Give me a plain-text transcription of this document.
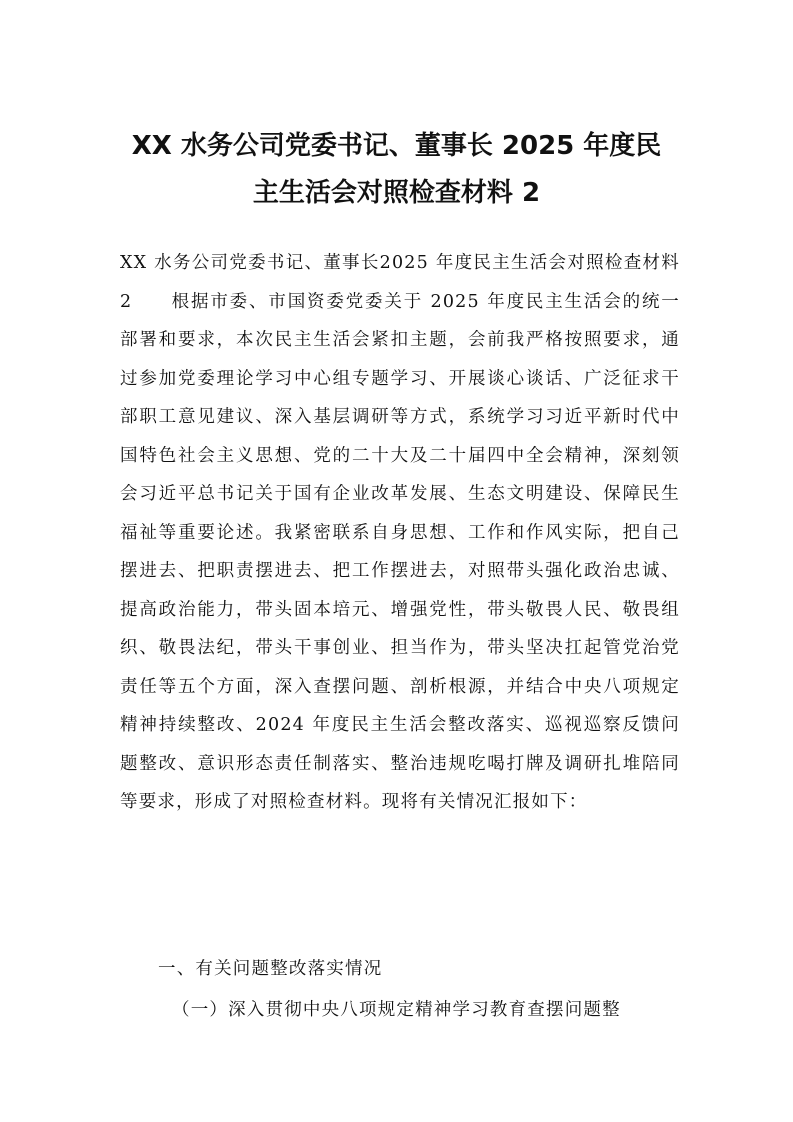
XX 水务公司党委书记、董事长 2025 年度民
主生活会对照检查材料 2

XX 水务公司党委书记、董事长2025 年度民主生活会对照检查材料 2　　根据市委、市国资委党委关于 2025 年度民主生活会的统一部署和要求，本次民主生活会紧扣主题，会前我严格按照要求，通过参加党委理论学习中心组专题学习、开展谈心谈话、广泛征求干部职工意见建议、深入基层调研等方式，系统学习习近平新时代中国特色社会主义思想、党的二十大及二十届四中全会精神，深刻领会习近平总书记关于国有企业改革发展、生态文明建设、保障民生福祉等重要论述。我紧密联系自身思想、工作和作风实际，把自己摆进去、把职责摆进去、把工作摆进去，对照带头强化政治忠诚、提高政治能力，带头固本培元、增强党性，带头敬畏人民、敬畏组织、敬畏法纪，带头干事创业、担当作为，带头坚决扛起管党治党责任等五个方面，深入查摆问题、剖析根源，并结合中央八项规定精神持续整改、2024 年度民主生活会整改落实、巡视巡察反馈问题整改、意识形态责任制落实、整治违规吃喝打牌及调研扎堆陪同等要求，形成了对照检查材料。现将有关情况汇报如下：

一、有关问题整改落实情况

（一）深入贯彻中央八项规定精神学习教育查摆问题整
